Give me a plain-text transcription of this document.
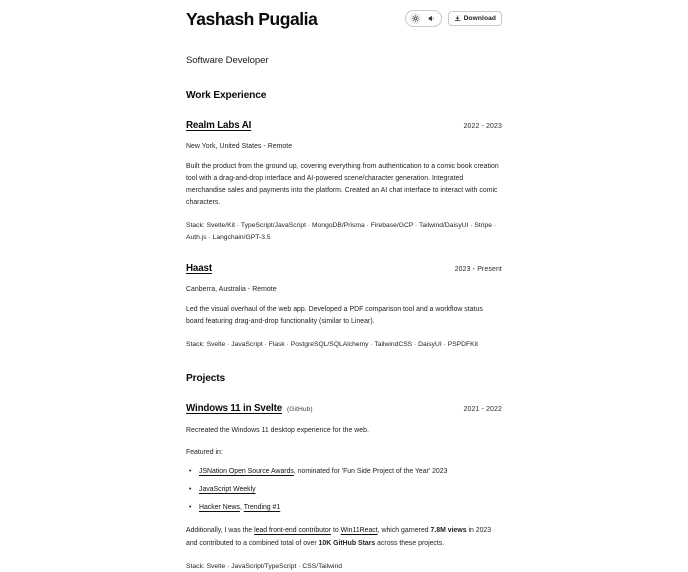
Yashash Pugalia	Download
Software Developer
Work Experience
Realm Labs AI	2022 - 2023
New York, United States - Remote
Built the product from the ground up, covering everything from authentication to a comic book creation tool with a drag-and-drop interface and AI-powered scene/character generation. Integrated merchandise sales and payments into the platform. Created an AI chat interface to interact with comic characters.
Stack: Svelte/Kit · TypeScript/JavaScript · MongoDB/Prisma · Firebase/GCP · Tailwind/DaisyUI · Stripe · Auth.js · Langchain/GPT-3.5
Haast	2023 - Present
Canberra, Australia - Remote
Led the visual overhaul of the web app. Developed a PDF comparison tool and a workflow status board featuring drag-and-drop functionality (similar to Linear).
Stack: Svelte · JavaScript · Flask · PostgreSQL/SQLAlchemy · TailwindCSS · DaisyUI · PSPDFKit
Projects
Windows 11 in Svelte (GitHub)	2021 - 2022
Recreated the Windows 11 desktop experience for the web.
Featured in:
• JSNation Open Source Awards, nominated for 'Fun Side Project of the Year' 2023
• JavaScript Weekly
• Hacker News, Trending #1
Additionally, I was the lead front-end contributor to Win11React, which garnered 7.8M views in 2023 and contributed to a combined total of over 10K GitHub Stars across these projects.
Stack: Svelte · JavaScript/TypeScript · CSS/Tailwind
